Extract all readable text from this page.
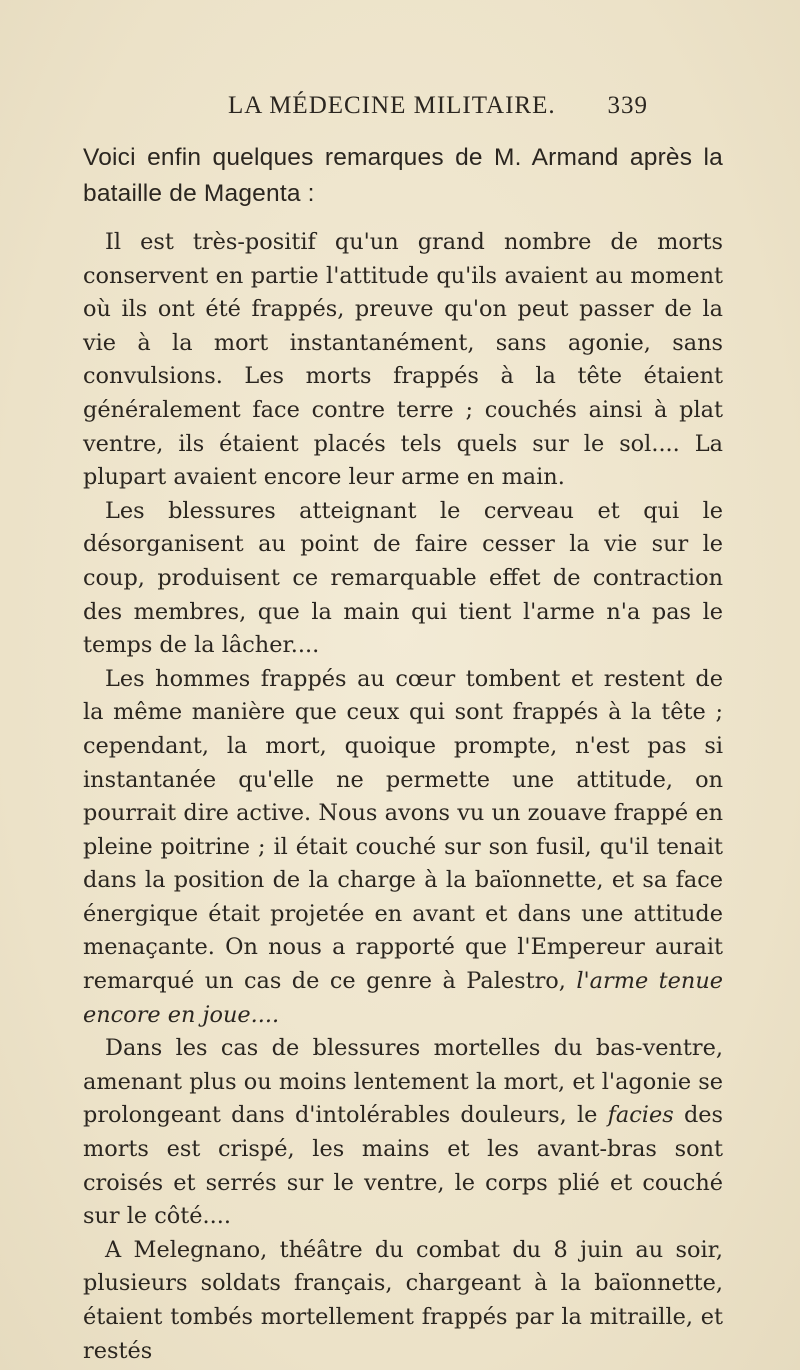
LA MÉDECINE MILITAIRE. 339

Voici enfin quelques remarques de M. Armand après la bataille de Magenta :

Il est très-positif qu'un grand nombre de morts conservent en partie l'attitude qu'ils avaient au moment où ils ont été frappés, preuve qu'on peut passer de la vie à la mort instantanément, sans agonie, sans convulsions. Les morts frappés à la tête étaient généralement face contre terre ; couchés ainsi à plat ventre, ils étaient placés tels quels sur le sol.... La plupart avaient encore leur arme en main.

Les blessures atteignant le cerveau et qui le désorganisent au point de faire cesser la vie sur le coup, produisent ce remarquable effet de contraction des membres, que la main qui tient l'arme n'a pas le temps de la lâcher....

Les hommes frappés au cœur tombent et restent de la même manière que ceux qui sont frappés à la tête ; cependant, la mort, quoique prompte, n'est pas si instantanée qu'elle ne permette une attitude, on pourrait dire active. Nous avons vu un zouave frappé en pleine poitrine ; il était couché sur son fusil, qu'il tenait dans la position de la charge à la baïonnette, et sa face énergique était projetée en avant et dans une attitude menaçante. On nous a rapporté que l'Empereur aurait remarqué un cas de ce genre à Palestro, l'arme tenue encore en joue....

Dans les cas de blessures mortelles du bas-ventre, amenant plus ou moins lentement la mort, et l'agonie se prolongeant dans d'intolérables douleurs, le facies des morts est crispé, les mains et les avant-bras sont croisés et serrés sur le ventre, le corps plié et couché sur le côté....

A Melegnano, théâtre du combat du 8 juin au soir, plusieurs soldats français, chargeant à la baïonnette, étaient tombés mortellement frappés par la mitraille, et restés
